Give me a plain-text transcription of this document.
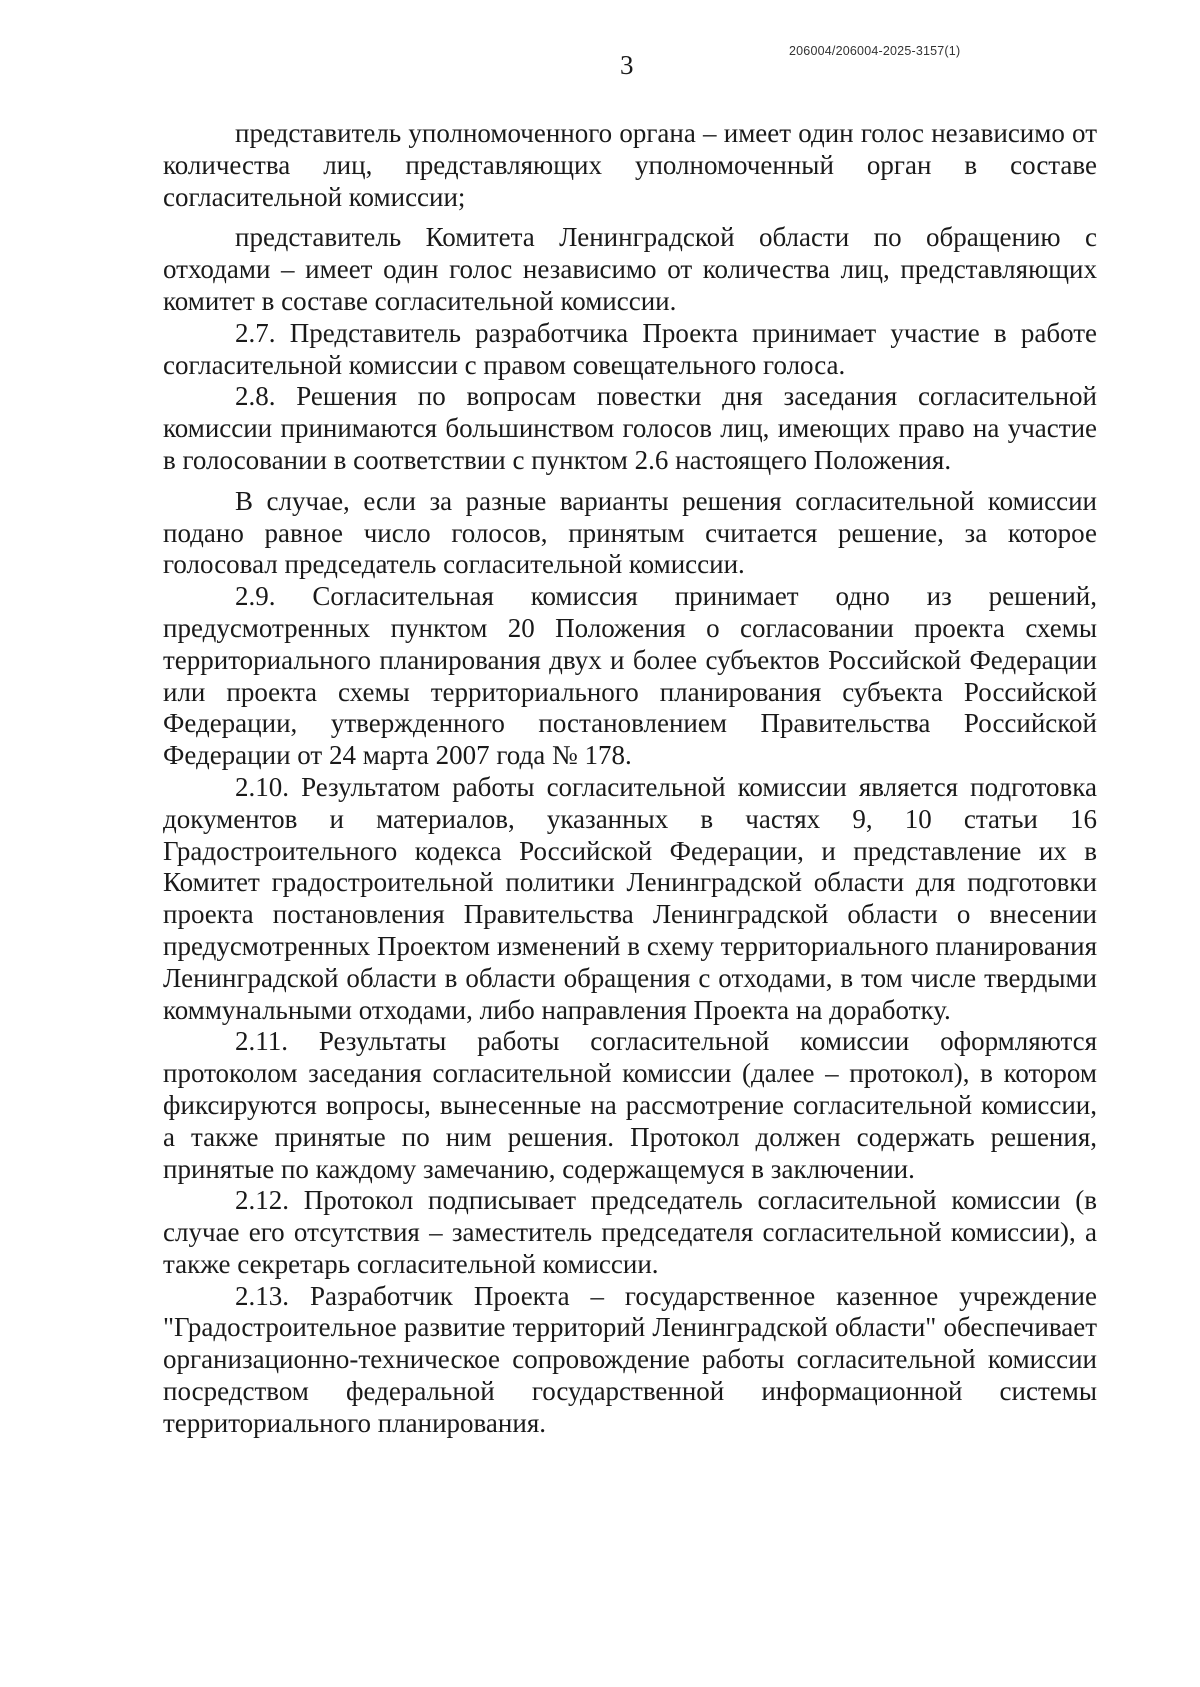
3	206004/206004-2025-3157(1)

представитель уполномоченного органа – имеет один голос независимо от количества лиц, представляющих уполномоченный орган в составе согласительной комиссии;

представитель Комитета Ленинградской области по обращению с отходами – имеет один голос независимо от количества лиц, представляющих комитет в составе согласительной комиссии.

2.7. Представитель разработчика Проекта принимает участие в работе согласительной комиссии с правом совещательного голоса.

2.8. Решения по вопросам повестки дня заседания согласительной комиссии принимаются большинством голосов лиц, имеющих право на участие в голосовании в соответствии с пунктом 2.6 настоящего Положения.

В случае, если за разные варианты решения согласительной комиссии подано равное число голосов, принятым считается решение, за которое голосовал председатель согласительной комиссии.

2.9. Согласительная комиссия принимает одно из решений, предусмотренных пунктом 20 Положения о согласовании проекта схемы территориального планирования двух и более субъектов Российской Федерации или проекта схемы территориального планирования субъекта Российской Федерации, утвержденного постановлением Правительства Российской Федерации от 24 марта 2007 года № 178.

2.10. Результатом работы согласительной комиссии является подготовка документов и материалов, указанных в частях 9, 10 статьи 16 Градостроительного кодекса Российской Федерации, и представление их в Комитет градостроительной политики Ленинградской области для подготовки проекта постановления Правительства Ленинградской области о внесении предусмотренных Проектом изменений в схему территориального планирования Ленинградской области в области обращения с отходами, в том числе твердыми коммунальными отходами, либо направления Проекта на доработку.

2.11. Результаты работы согласительной комиссии оформляются протоколом заседания согласительной комиссии (далее – протокол), в котором фиксируются вопросы, вынесенные на рассмотрение согласительной комиссии, а также принятые по ним решения. Протокол должен содержать решения, принятые по каждому замечанию, содержащемуся в заключении.

2.12. Протокол подписывает председатель согласительной комиссии (в случае его отсутствия – заместитель председателя согласительной комиссии), а также секретарь согласительной комиссии.

2.13. Разработчик Проекта – государственное казенное учреждение "Градостроительное развитие территорий Ленинградской области" обеспечивает организационно-техническое сопровождение работы согласительной комиссии посредством федеральной государственной информационной системы территориального планирования.
